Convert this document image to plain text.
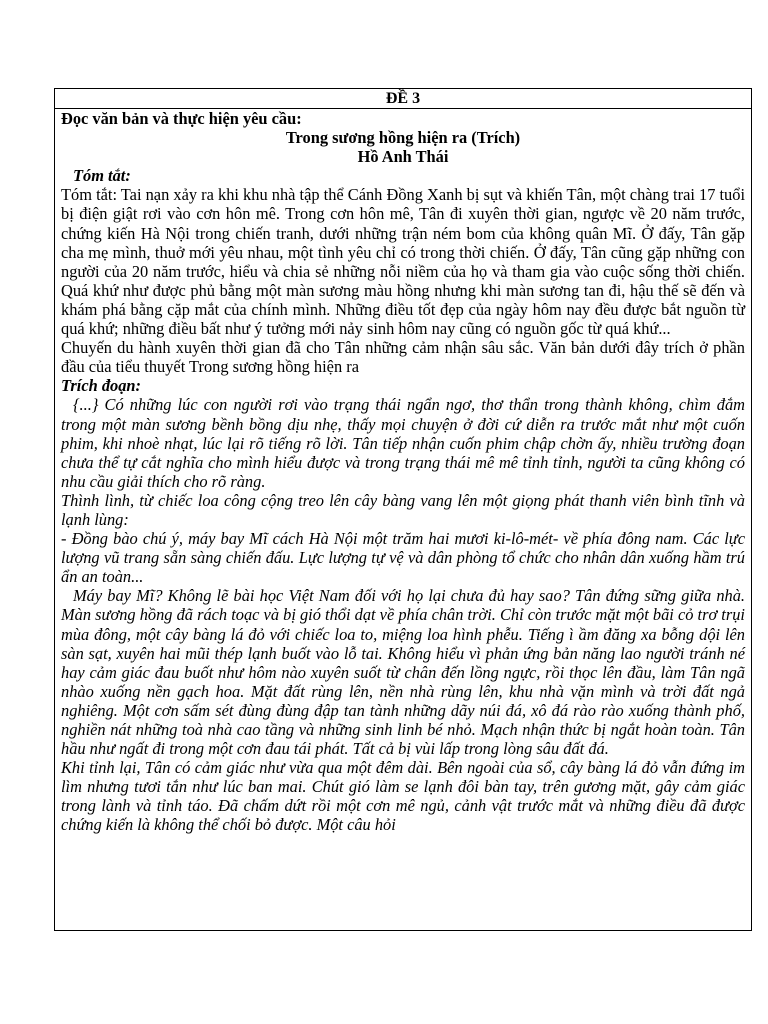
ĐỀ 3

Đọc văn bản và thực hiện yêu cầu:

Trong sương hồng hiện ra (Trích)

Hồ Anh Thái

Tóm tắt:

Tóm tắt: Tai nạn xảy ra khi khu nhà tập thể Cánh Đồng Xanh bị sụt và khiến Tân, một chàng trai 17 tuổi bị điện giật rơi vào cơn hôn mê. Trong cơn hôn mê, Tân đi xuyên thời gian, ngược về 20 năm trước, chứng kiến Hà Nội trong chiến tranh, dưới những trận ném bom của không quân Mĩ. Ở đấy, Tân gặp cha mẹ mình, thuở mới yêu nhau, một tình yêu chỉ có trong thời chiến. Ở đấy, Tân cũng gặp những con người của 20 năm trước, hiểu và chia sẻ những nỗi niềm của họ và tham gia vào cuộc sống thời chiến. Quá khứ như được phủ bằng một màn sương màu hồng nhưng khi màn sương tan đi, hậu thế sẽ đến và khám phá bằng cặp mắt của chính mình. Những điều tốt đẹp của ngày hôm nay đều được bắt nguồn từ quá khứ; những điều bất như ý tưởng mới nảy sinh hôm nay cũng có nguồn gốc từ quá khứ...

Chuyến du hành xuyên thời gian đã cho Tân những cảm nhận sâu sắc. Văn bản dưới đây trích ở phần đầu của tiểu thuyết Trong sương hồng hiện ra

Trích đoạn:

{...} Có những lúc con người rơi vào trạng thái ngẩn ngơ, thơ thẩn trong thành không, chìm đắm trong một màn sương bềnh bồng dịu nhẹ, thấy mọi chuyện ở đời cứ diễn ra trước mắt như một cuốn phim, khi nhoè nhạt, lúc lại rõ tiếng rõ lời. Tân tiếp nhận cuốn phim chập chờn ấy, nhiều trường đoạn chưa thể tự cắt nghĩa cho mình hiểu được và trong trạng thái mê mê tỉnh tỉnh, người ta cũng không có nhu cầu giải thích cho rõ ràng.

Thình lình, từ chiếc loa công cộng treo lên cây bàng vang lên một giọng phát thanh viên bình tĩnh và lạnh lùng:

- Đồng bào chú ý, máy bay Mĩ cách Hà Nội một trăm hai mươi ki-lô-mét- về phía đông nam. Các lực lượng vũ trang sẵn sàng chiến đấu. Lực lượng tự vệ và dân phòng tổ chức cho nhân dân xuống hầm trú ẩn an toàn...

Máy bay Mĩ? Không lẽ bài học Việt Nam đối với họ lại chưa đủ hay sao? Tân đứng sững giữa nhà. Màn sương hồng đã rách toạc và bị gió thổi dạt về phía chân trời. Chỉ còn trước mặt một bãi cỏ trơ trụi mùa đông, một cây bàng lá đỏ với chiếc loa to, miệng loa hình phễu. Tiếng ì ầm đăng xa bỗng dội lên sàn sạt, xuyên hai mũi thép lạnh buốt vào lỗ tai. Không hiểu vì phản ứng bản năng lao người tránh né hay cảm giác đau buốt như hôm nào xuyên suốt từ chân đến lồng ngực, rồi thọc lên đầu, làm Tân ngã nhào xuống nền gạch hoa. Mặt đất rùng lên, nền nhà rùng lên, khu nhà vặn mình và trời đất ngả nghiêng. Một cơn sấm sét đùng đùng đập tan tành những dãy núi đá, xô đá rào rào xuống thành phố, nghiền nát những toà nhà cao tầng và những sinh linh bé nhỏ. Mạch nhận thức bị ngắt hoàn toàn. Tân hầu như ngất đi trong một cơn đau tái phát. Tất cả bị vùi lấp trong lòng sâu đất đá.

Khi tỉnh lại, Tân có cảm giác như vừa qua một đêm dài. Bên ngoài của sổ, cây bàng lá đỏ vẫn đứng im lìm nhưng tươi tắn như lúc ban mai. Chút gió làm se lạnh đôi bàn tay, trên gương mặt, gây cảm giác trong lành và tỉnh táo. Đã chấm dứt rồi một cơn mê ngủ, cảnh vật trước mắt và những điều đã được chứng kiến là không thể chối bỏ được. Một câu hỏi
